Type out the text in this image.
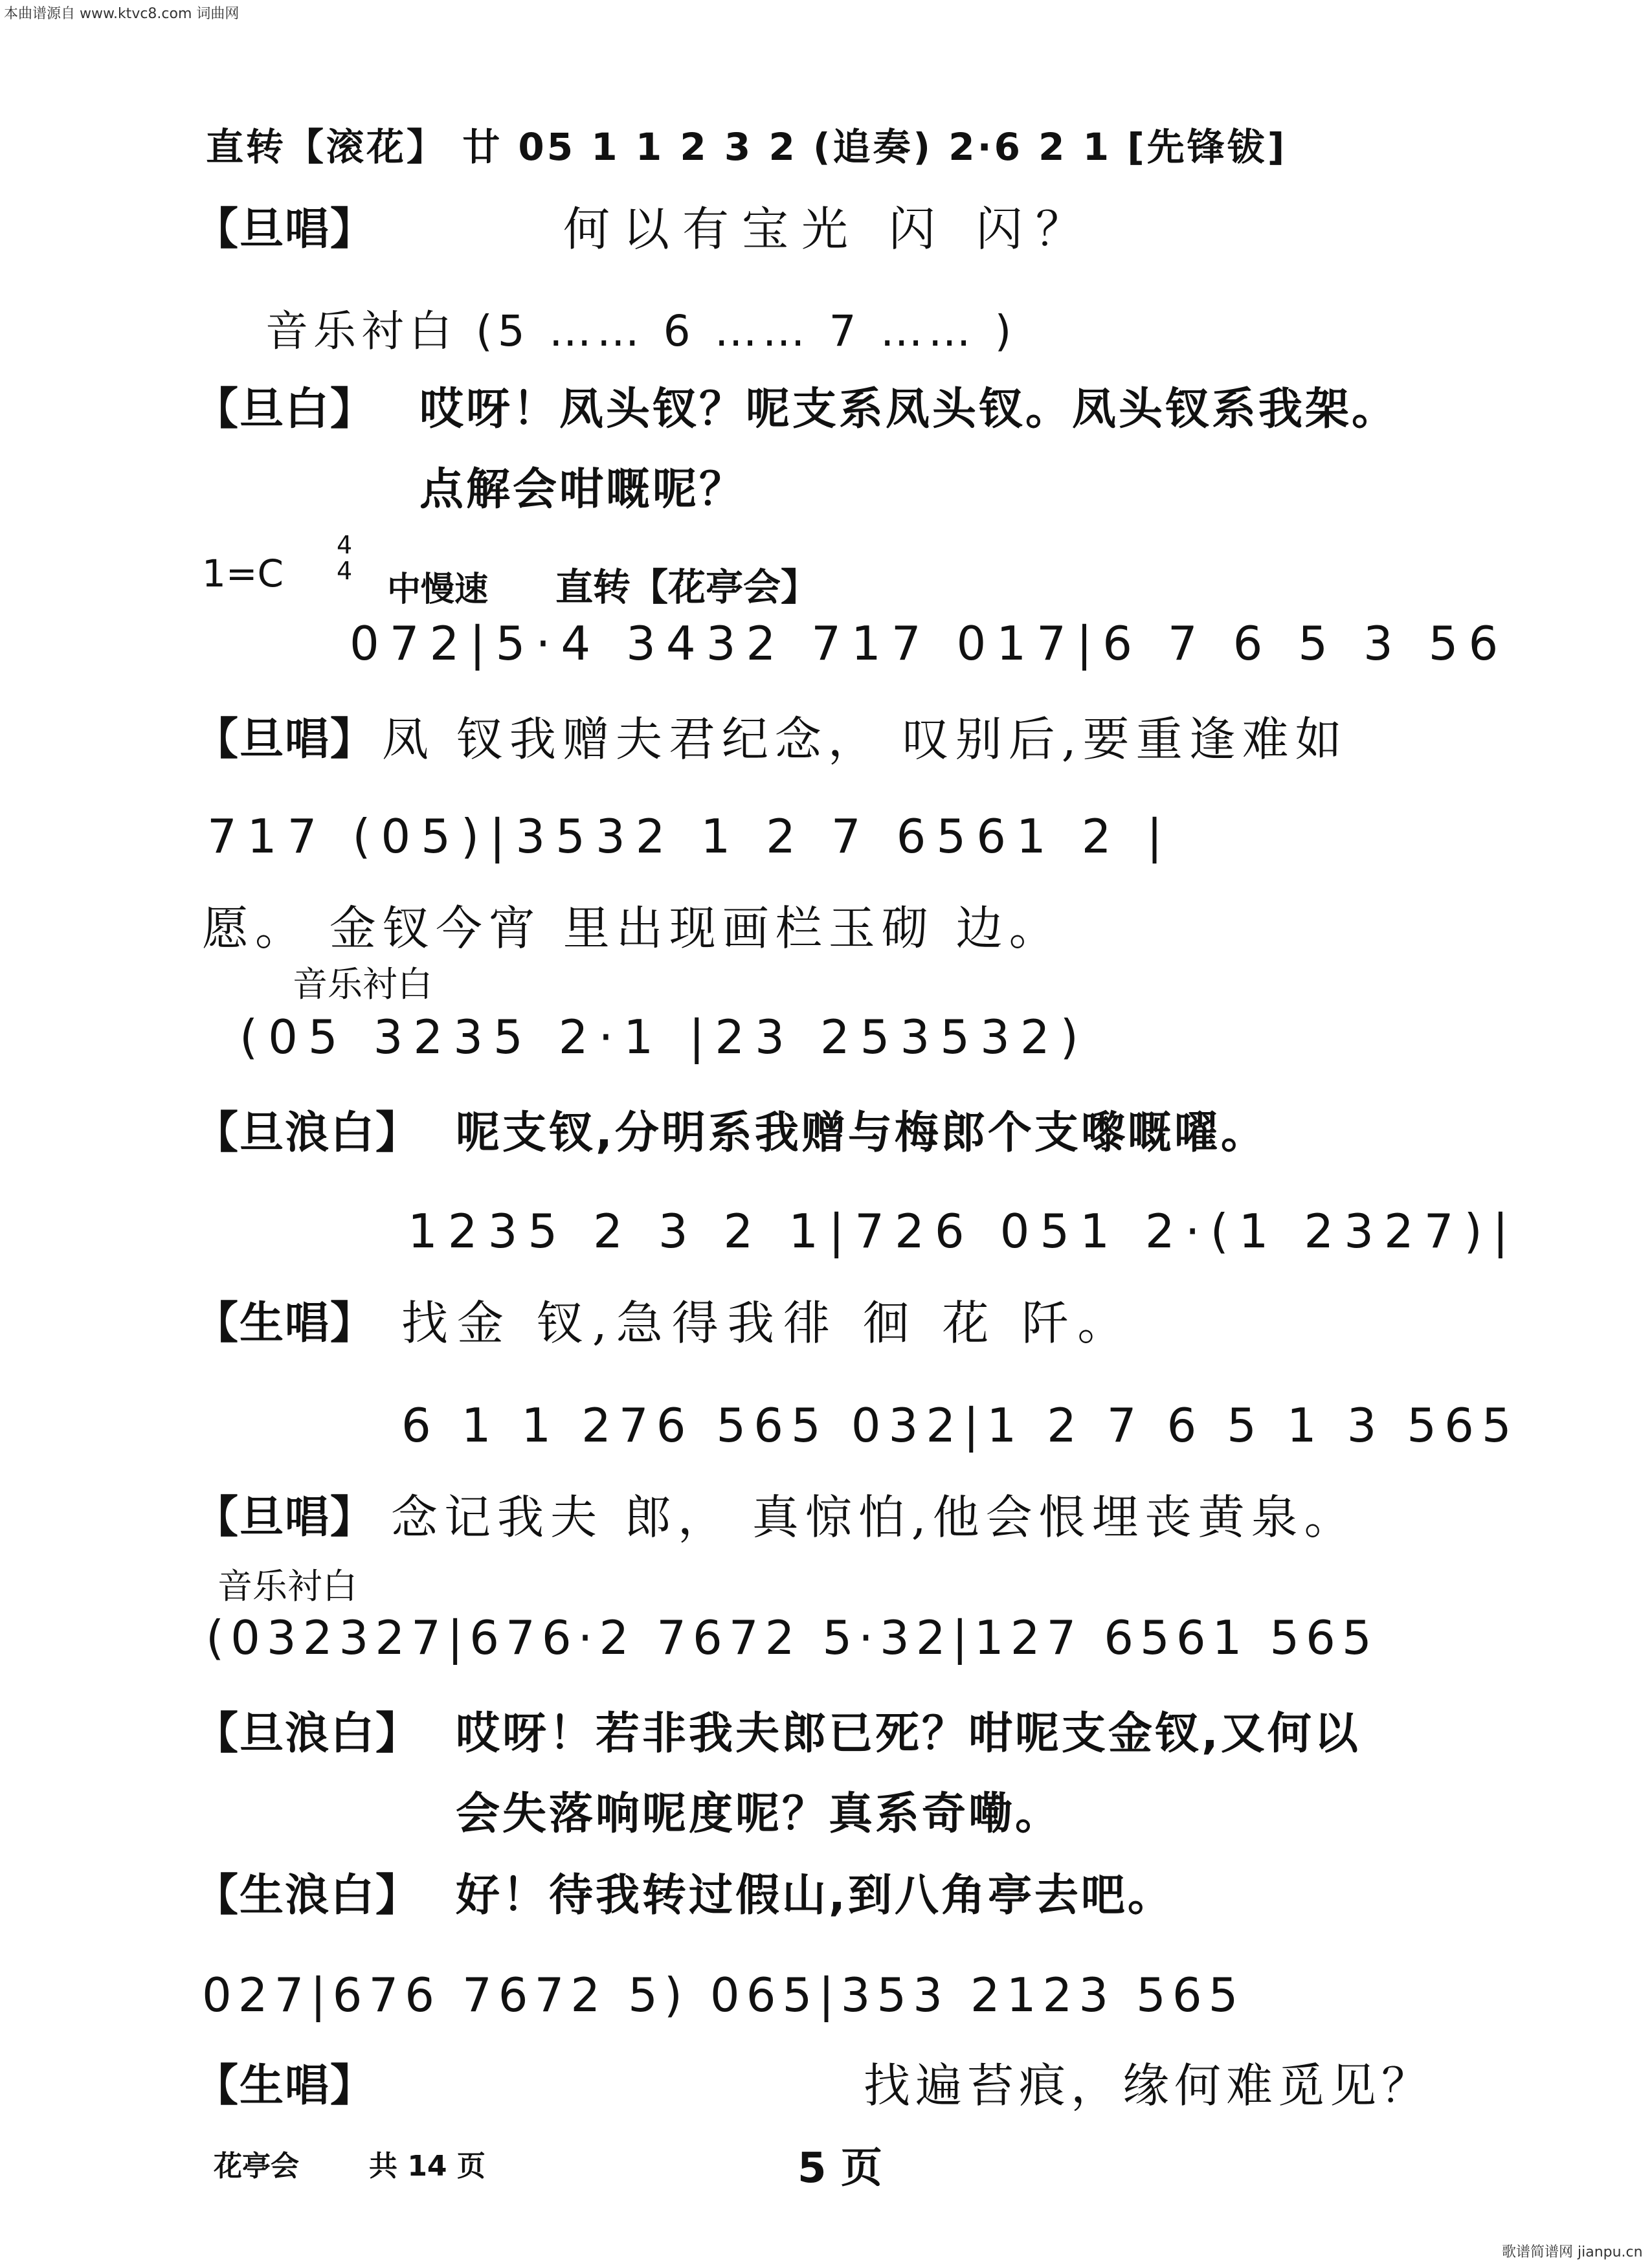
本曲谱源自 www.ktvc8.com 词曲网
直转【滚花】 廿 05 1 1 2 3 2 (追奏) 2·6 2 1 [先锋钹]
【旦唱】	何以有宝光 闪 闪？
音乐衬白 (5 …… 6 …… 7 …… )
【旦白】 哎呀！凤头钗？呢支系凤头钗。凤头钗系我架。
点解会咁嘅呢？
1=C
4
4 中慢速 直转【花亭会】
072|5·4 3432 717 017|6 7 6 5 3 56
【旦唱】 凤 钗我赠夫君纪念， 叹别后,要重逢难如
717 (05)|3532 1 2 7 6561 2 |
愿。 金钗今宵 里出现画栏玉砌 边。
音乐衬白
(05 3235 2·1 |23 253532)
【旦浪白】 呢支钗,分明系我赠与梅郎个支嚟嘅嚁。
1235 2 3 2 1|726 051 2·(1 2327)|
【生唱】 找金 钗,急得我徘 徊 花 阡。
6 1 1 276 565 032|1 2 7 6 5 1 3 565
【旦唱】 念记我夫 郎， 真惊怕,他会恨埋丧黄泉。
音乐衬白
(032327|676·2 7672 5·32|127 6561 565
【旦浪白】 哎呀！若非我夫郎已死？咁呢支金钗,又何以
会失落响呢度呢？真系奇嘞。
【生浪白】 好！待我转过假山,到八角亭去吧。
027|676 7672 5) 065|353 2123 565
【生唱】	找遍苔痕，缘何难觅见？
花亭会 共 14 页	5 页
歌谱简谱网 jianpu.cn
